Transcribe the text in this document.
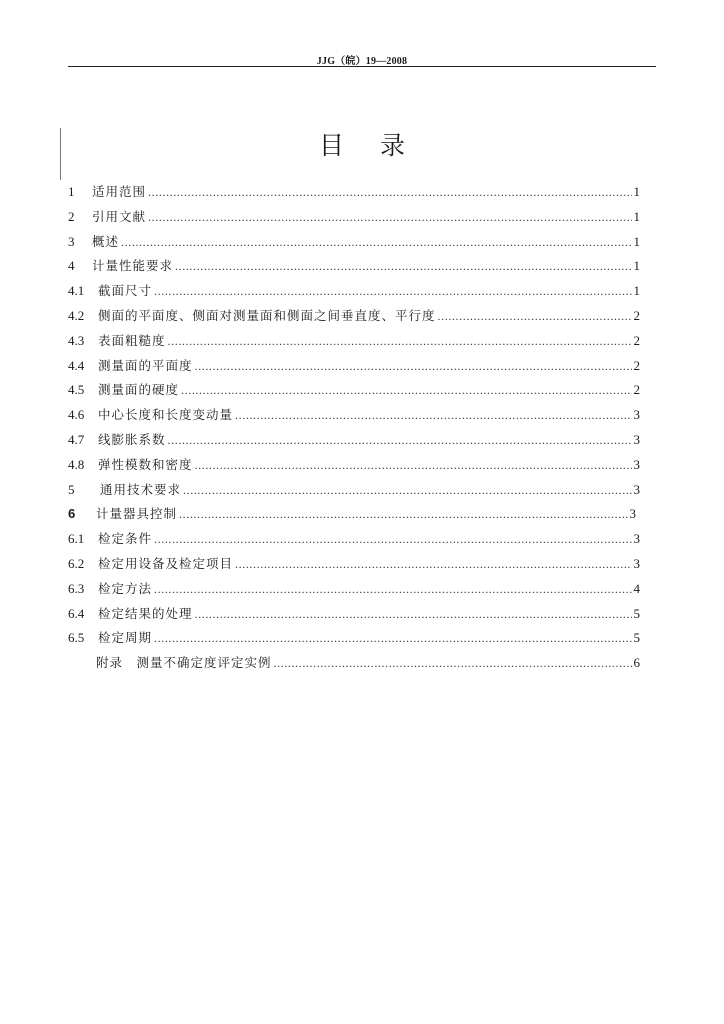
JJG（皖）19—2008
目录
1	适用范围 .....	1
2	引用文献 .....	1
3	概述 .....	1
4	计量性能要求 .....	1
4.1	截面尺寸 .....	1
4.2	侧面的平面度、侧面对测量面和侧面之间垂直度、平行度 .....	2
4.3	表面粗糙度 .....	2
4.4	测量面的平面度 .....	2
4.5	测量面的硬度 .....	2
4.6	中心长度和长度变动量 .....	3
4.7	线膨胀系数 .....	3
4.8	弹性模数和密度 .....	3
5	通用技术要求 .....	3
6	计量器具控制 .....	3
6.1	检定条件 .....	3
6.2	检定用设备及检定项目 .....	3
6.3	检定方法 .....	4
6.4	检定结果的处理 .....	5
6.5	检定周期 .....	5
附录　测量不确定度评定实例 .....	6
